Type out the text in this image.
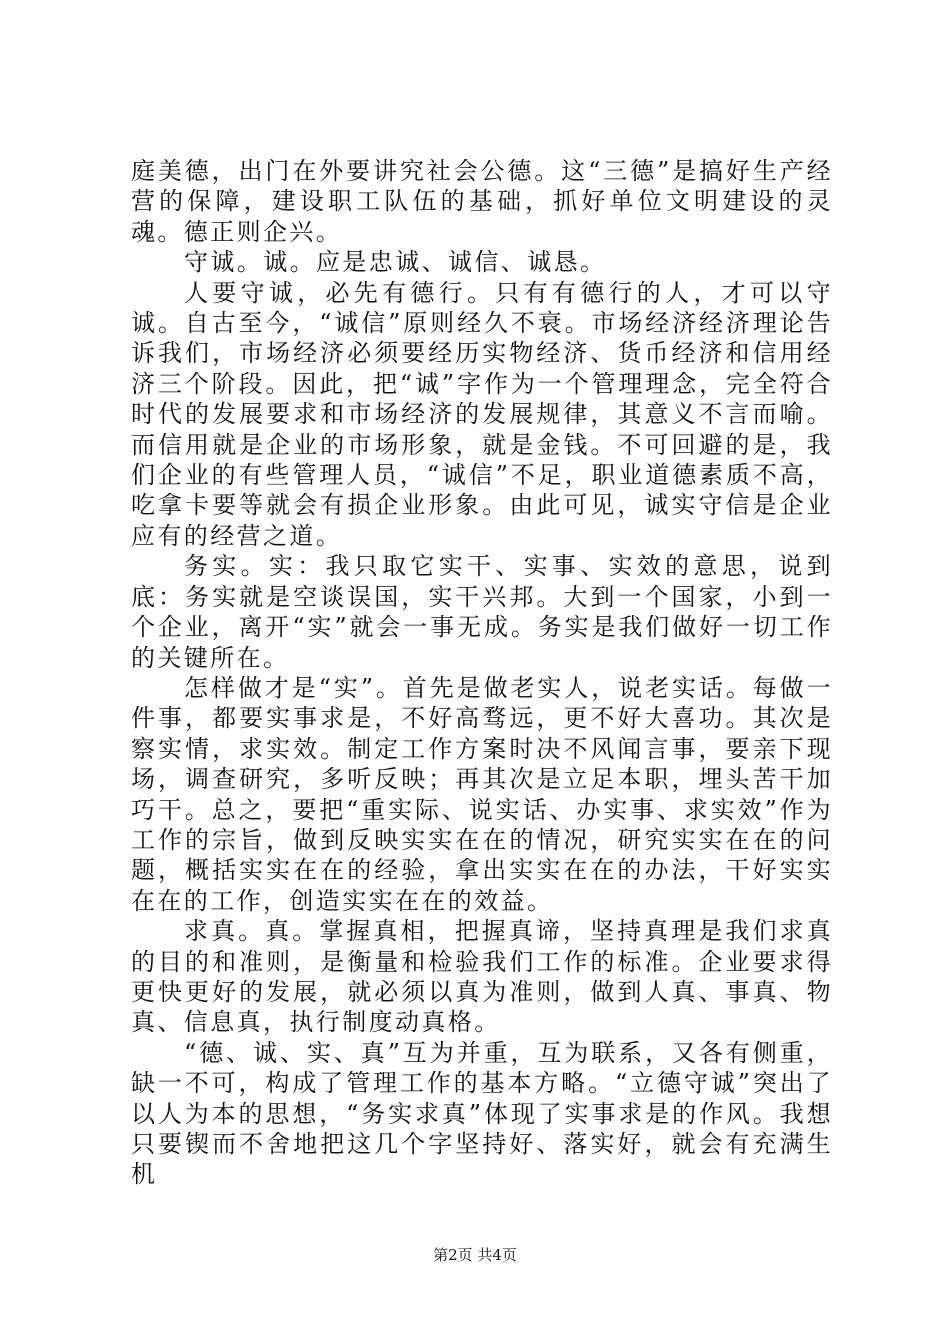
庭美德，出门在外要讲究社会公德。这“三德”是搞好生产经营的保障，建设职工队伍的基础，抓好单位文明建设的灵魂。德正则企兴。

守诚。诚。应是忠诚、诚信、诚恳。

人要守诚，必先有德行。只有有德行的人，才可以守诚。自古至今，“诚信”原则经久不衰。市场经济经济理论告诉我们，市场经济必须要经历实物经济、货币经济和信用经济三个阶段。因此，把“诚”字作为一个管理理念，完全符合时代的发展要求和市场经济的发展规律，其意义不言而喻。而信用就是企业的市场形象，就是金钱。不可回避的是，我们企业的有些管理人员，“诚信”不足，职业道德素质不高，吃拿卡要等就会有损企业形象。由此可见，诚实守信是企业应有的经营之道。

务实。实：我只取它实干、实事、实效的意思，说到底：务实就是空谈误国，实干兴邦。大到一个国家，小到一个企业，离开“实”就会一事无成。务实是我们做好一切工作的关键所在。

怎样做才是“实”。首先是做老实人，说老实话。每做一件事，都要实事求是，不好高骛远，更不好大喜功。其次是察实情，求实效。制定工作方案时决不风闻言事，要亲下现场，调查研究，多听反映；再其次是立足本职，埋头苦干加巧干。总之，要把“重实际、说实话、办实事、求实效”作为工作的宗旨，做到反映实实在在的情况，研究实实在在的问题，概括实实在在的经验，拿出实实在在的办法，干好实实在在的工作，创造实实在在的效益。

求真。真。掌握真相，把握真谛，坚持真理是我们求真的目的和准则，是衡量和检验我们工作的标准。企业要求得更快更好的发展，就必须以真为准则，做到人真、事真、物真、信息真，执行制度动真格。

“德、诚、实、真”互为并重，互为联系，又各有侧重，缺一不可，构成了管理工作的基本方略。“立德守诚”突出了以人为本的思想，“务实求真”体现了实事求是的作风。我想只要锲而不舍地把这几个字坚持好、落实好，就会有充满生机

第2页 共4页
